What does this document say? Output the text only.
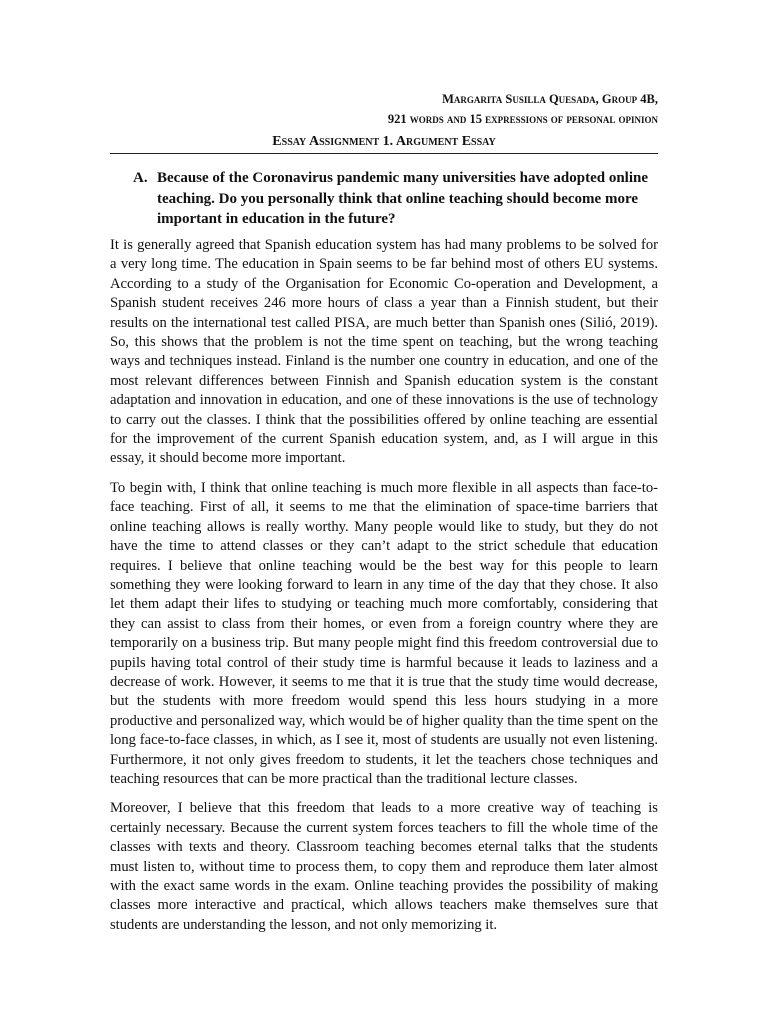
Margarita Susilla Quesada, Group 4B,
921 words and 15 expressions of personal opinion
Essay Assignment 1. Argument Essay
A. Because of the Coronavirus pandemic many universities have adopted online teaching. Do you personally think that online teaching should become more important in education in the future?

It is generally agreed that Spanish education system has had many problems to be solved for a very long time. The education in Spain seems to be far behind most of others EU systems. According to a study of the Organisation for Economic Co-operation and Development, a Spanish student receives 246 more hours of class a year than a Finnish student, but their results on the international test called PISA, are much better than Spanish ones (Silió, 2019). So, this shows that the problem is not the time spent on teaching, but the wrong teaching ways and techniques instead. Finland is the number one country in education, and one of the most relevant differences between Finnish and Spanish education system is the constant adaptation and innovation in education, and one of these innovations is the use of technology to carry out the classes. I think that the possibilities offered by online teaching are essential for the improvement of the current Spanish education system, and, as I will argue in this essay, it should become more important.

To begin with, I think that online teaching is much more flexible in all aspects than face-to-face teaching. First of all, it seems to me that the elimination of space-time barriers that online teaching allows is really worthy. Many people would like to study, but they do not have the time to attend classes or they can’t adapt to the strict schedule that education requires. I believe that online teaching would be the best way for this people to learn something they were looking forward to learn in any time of the day that they chose. It also let them adapt their lifes to studying or teaching much more comfortably, considering that they can assist to class from their homes, or even from a foreign country where they are temporarily on a business trip. But many people might find this freedom controversial due to pupils having total control of their study time is harmful because it leads to laziness and a decrease of work. However, it seems to me that it is true that the study time would decrease, but the students with more freedom would spend this less hours studying in a more productive and personalized way, which would be of higher quality than the time spent on the long face-to-face classes, in which, as I see it, most of students are usually not even listening. Furthermore, it not only gives freedom to students, it let the teachers chose techniques and teaching resources that can be more practical than the traditional lecture classes.

Moreover, I believe that this freedom that leads to a more creative way of teaching is certainly necessary. Because the current system forces teachers to fill the whole time of the classes with texts and theory. Classroom teaching becomes eternal talks that the students must listen to, without time to process them, to copy them and reproduce them later almost with the exact same words in the exam. Online teaching provides the possibility of making classes more interactive and practical, which allows teachers make themselves sure that students are understanding the lesson, and not only memorizing it.
